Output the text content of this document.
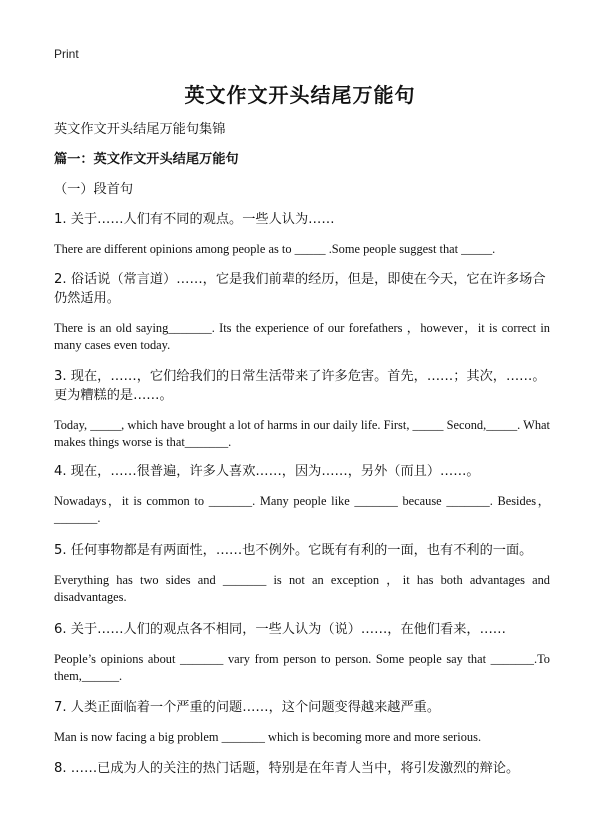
Print
英文作文开头结尾万能句
英文作文开头结尾万能句集锦
篇一：英文作文开头结尾万能句
（一）段首句
1. 关于……人们有不同的观点。一些人认为……
There are different opinions among people as to _____ .Some people suggest that _____.
2. 俗话说（常言道）……，它是我们前辈的经历，但是，即使在今天，它在许多场合仍然适用。
There is an old saying_______. Its the experience of our forefathers ，however，it is correct in many cases even today.
3. 现在，……，它们给我们的日常生活带来了许多危害。首先，……；其次，……。更为糟糕的是……。
Today, _____, which have brought a lot of harms in our daily life. First, _____ Second,_____. What makes things worse is that_______.
4. 现在，……很普遍，许多人喜欢……，因为……，另外（而且）……。
Nowadays，it is common to _______. Many people like _______ because _______. Besides，_______.
5. 任何事物都是有两面性，……也不例外。它既有有利的一面，也有不利的一面。
Everything has two sides and _______ is not an exception ，it has both advantages and disadvantages.
6. 关于……人们的观点各不相同，一些人认为（说）……，在他们看来，……
People’s opinions about _______ vary from person to person. Some people say that _______.To them,______.
7. 人类正面临着一个严重的问题……，这个问题变得越来越严重。
Man is now facing a big problem _______ which is becoming more and more serious.
8. ……已成为人的关注的热门话题，特别是在年青人当中，将引发激烈的辩论。
